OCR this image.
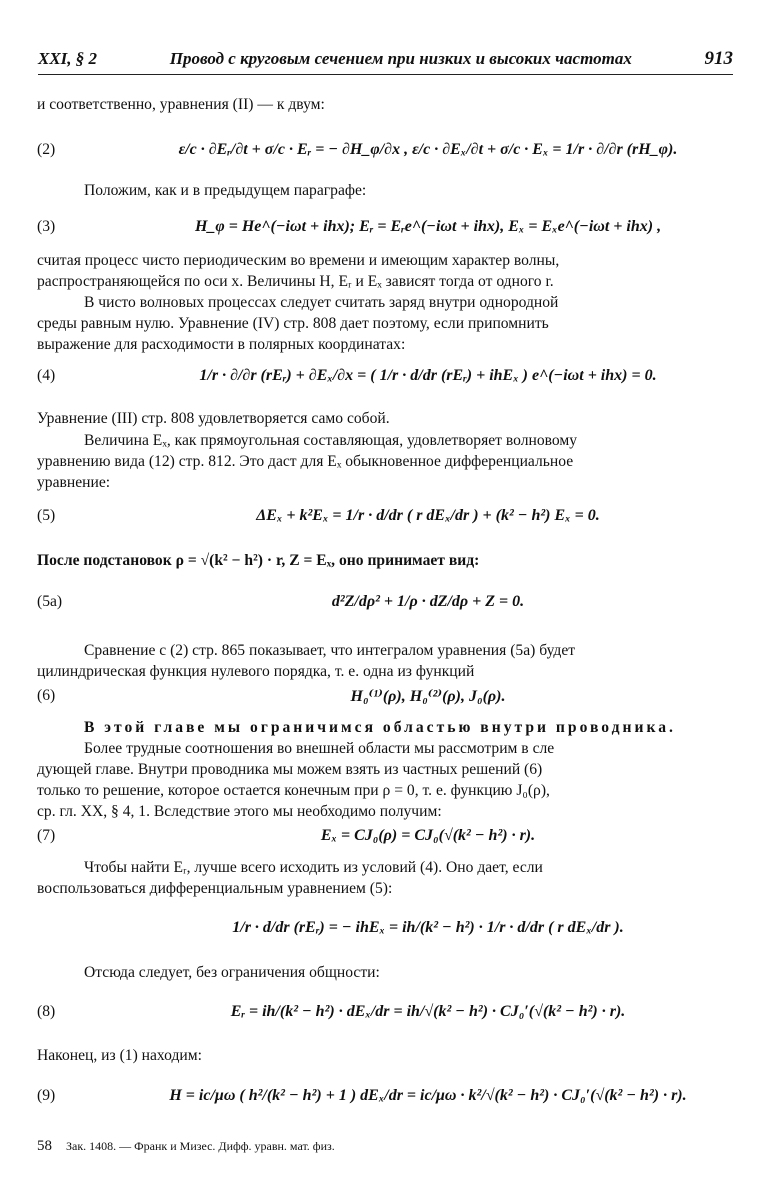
XXI, § 2	Провод с круговым сечением при низких и высоких частотах	913
и соответственно, уравнения (II) — к двум:
(2)	ε/c · ∂Eᵣ/∂t + σ/c · Eᵣ = − ∂H_φ/∂x , ε/c · ∂Eₓ/∂t + σ/c · Eₓ = 1/r · ∂/∂r (rH_φ).
Положим, как и в предыдущем параграфе:
(3)	H_φ = He^(−iωt + ihx); Eᵣ = Eᵣe^(−iωt + ihx), Eₓ = Eₓe^(−iωt + ihx) ,
считая процесс чисто периодическим во времени и имеющим характер волны,
распространяющейся по оси x. Величины H, Eᵣ и Eₓ зависят тогда от одного r.
В чисто волновых процессах следует считать заряд внутри однородной
среды равным нулю. Уравнение (IV) стр. 808 дает поэтому, если припомнить
выражение для расходимости в полярных координатах:
(4)	1/r · ∂/∂r (rEᵣ) + ∂Eₓ/∂x = ( 1/r · d/dr (rEᵣ) + ihEₓ ) e^(−iωt + ihx) = 0.
Уравнение (III) стр. 808 удовлетворяется само собой.
Величина Eₓ, как прямоугольная составляющая, удовлетворяет волновому
уравнению вида (12) стр. 812. Это даст для Eₓ обыкновенное дифференциальное
уравнение:
(5)	ΔEₓ + k²Eₓ = 1/r · d/dr ( r dEₓ/dr ) + (k² − h²) Eₓ = 0.
После подстановок ρ = √(k² − h²) · r, Z = Eₓ, оно принимает вид:
(5a)	d²Z/dρ² + 1/ρ · dZ/dρ + Z = 0.
Сравнение с (2) стр. 865 показывает, что интегралом уравнения (5a) будет
цилиндрическая функция нулевого порядка, т. е. одна из функций
(6)	H₀⁽¹⁾(ρ), H₀⁽²⁾(ρ), J₀(ρ).
В этой главе мы ограничимся областью внутри проводника.
Более трудные соотношения во внешней области мы рассмотрим в сле
дующей главе. Внутри проводника мы можем взять из частных решений (6)
только то решение, которое остается конечным при ρ = 0, т. е. функцию J₀(ρ),
ср. гл. XX, § 4, 1. Вследствие этого мы необходимо получим:
(7)	Eₓ = CJ₀(ρ) = CJ₀(√(k² − h²) · r).
Чтобы найти Eᵣ, лучше всего исходить из условий (4). Оно дает, если
воспользоваться дифференциальным уравнением (5):
1/r · d/dr (rEᵣ) = − ihEₓ = ih/(k² − h²) · 1/r · d/dr ( r dEₓ/dr ).
Отсюда следует, без ограничения общности:
(8)	Eᵣ = ih/(k² − h²) · dEₓ/dr = ih/√(k² − h²) · CJ₀′(√(k² − h²) · r).
Наконец, из (1) находим:
(9)	H = ic/μω ( h²/(k² − h²) + 1 ) dEₓ/dr = ic/μω · k²/√(k² − h²) · CJ₀′(√(k² − h²) · r).
58 Зак. 1408. — Франк и Мизес. Дифф. уравн. мат. физ.
